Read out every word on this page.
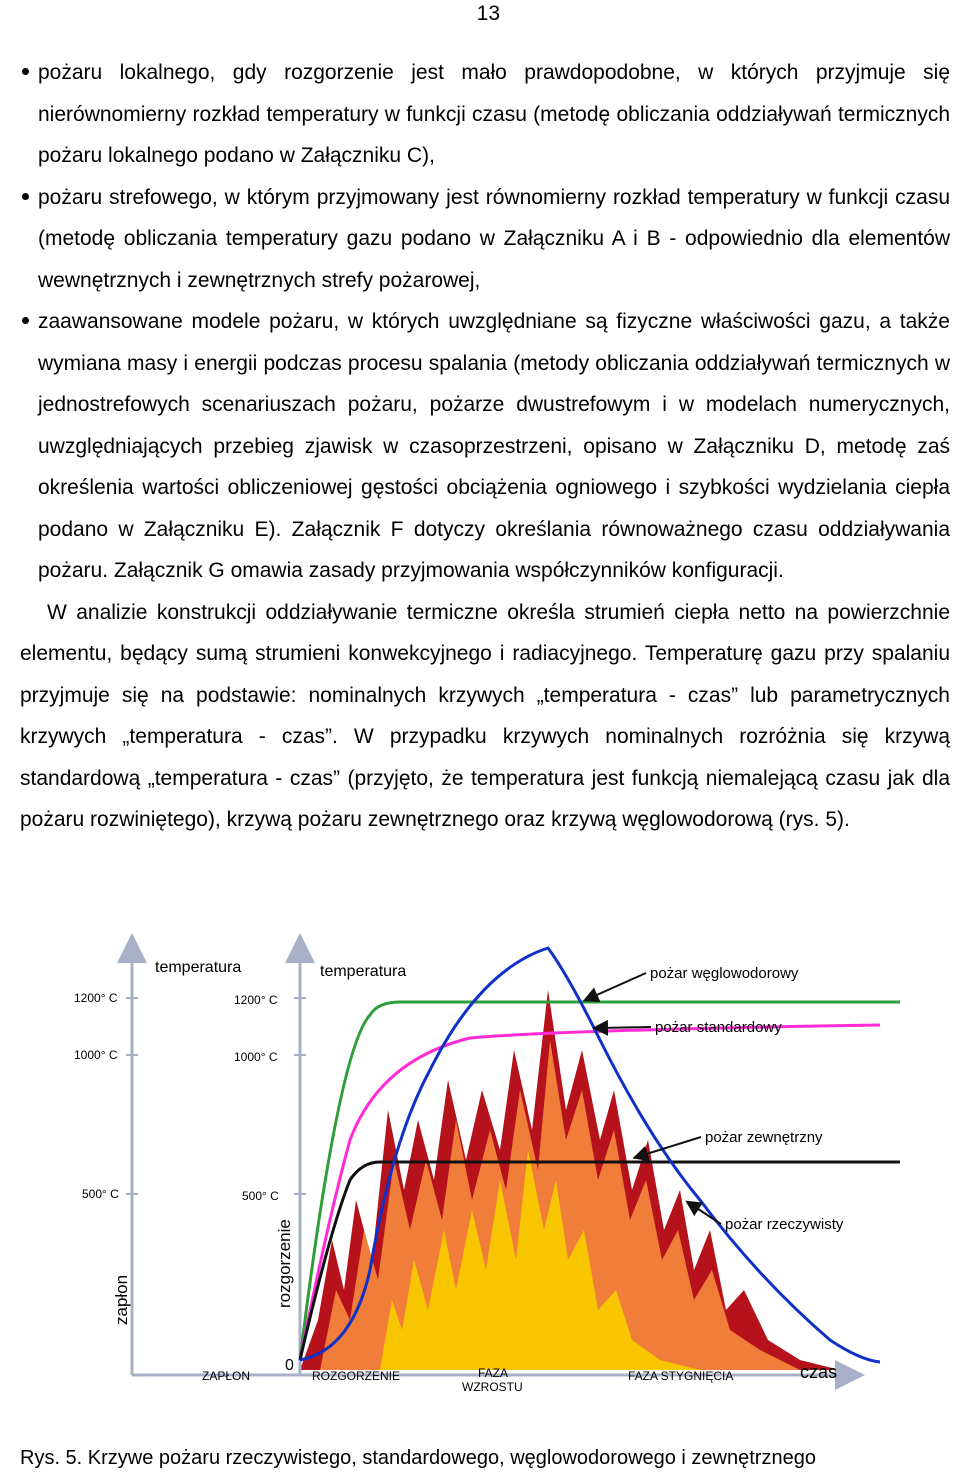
13
pożaru lokalnego, gdy rozgorzenie jest mało prawdopodobne, w których przyjmuje się nierównomierny rozkład temperatury w funkcji czasu (metodę obliczania oddziaływań termicznych pożaru lokalnego podano w Załączniku C),
pożaru strefowego, w którym przyjmowany jest równomierny rozkład temperatury w funkcji czasu (metodę obliczania temperatury gazu podano w Załączniku A i B - odpowiednio dla elementów wewnętrznych i zewnętrznych strefy pożarowej,
zaawansowane modele pożaru, w których uwzględniane są fizyczne właściwości gazu, a także wymiana masy i energii podczas procesu spalania (metody obliczania oddziaływań termicznych w jednostrefowych scenariuszach pożaru, pożarze dwustrefowym i w modelach numerycznych, uwzględniających przebieg zjawisk w czasoprzestrzeni, opisano w Załączniku D, metodę zaś określenia wartości obliczeniowej gęstości obciążenia ogniowego i szybkości wydzielania ciepła podano w Załączniku E). Załącznik F dotyczy określania równoważnego czasu oddziaływania pożaru. Załącznik G omawia zasady przyjmowania współczynników konfiguracji.

W analizie konstrukcji oddziaływanie termiczne określa strumień ciepła netto na powierzchnie elementu, będący sumą strumieni konwekcyjnego i radiacyjnego. Temperaturę gazu przy spalaniu przyjmuje się na podstawie: nominalnych krzywych „temperatura - czas” lub parametrycznych krzywych „temperatura - czas”. W przypadku krzywych nominalnych rozróżnia się krzywą standardową „temperatura - czas” (przyjęto, że temperatura jest funkcją niemalejącą czasu jak dla pożaru rozwiniętego), krzywą pożaru zewnętrznego oraz krzywą węglowodorową (rys. 5).

temperatura	temperatura
1200° C
1000° C
500° C
1200° C
1000° C
500° C
0	czas
zapłon	rozgorzenie
ZAPŁON	ROZGORZENIE	FAZA
WZROSTU
FAZA STYGNIĘCIA
pożar węglowodorowy
pożar standardowy
pożar zewnętrzny
pożar rzeczywisty
Rys. 5. Krzywe pożaru rzeczywistego, standardowego, węglowodorowego i zewnętrznego
